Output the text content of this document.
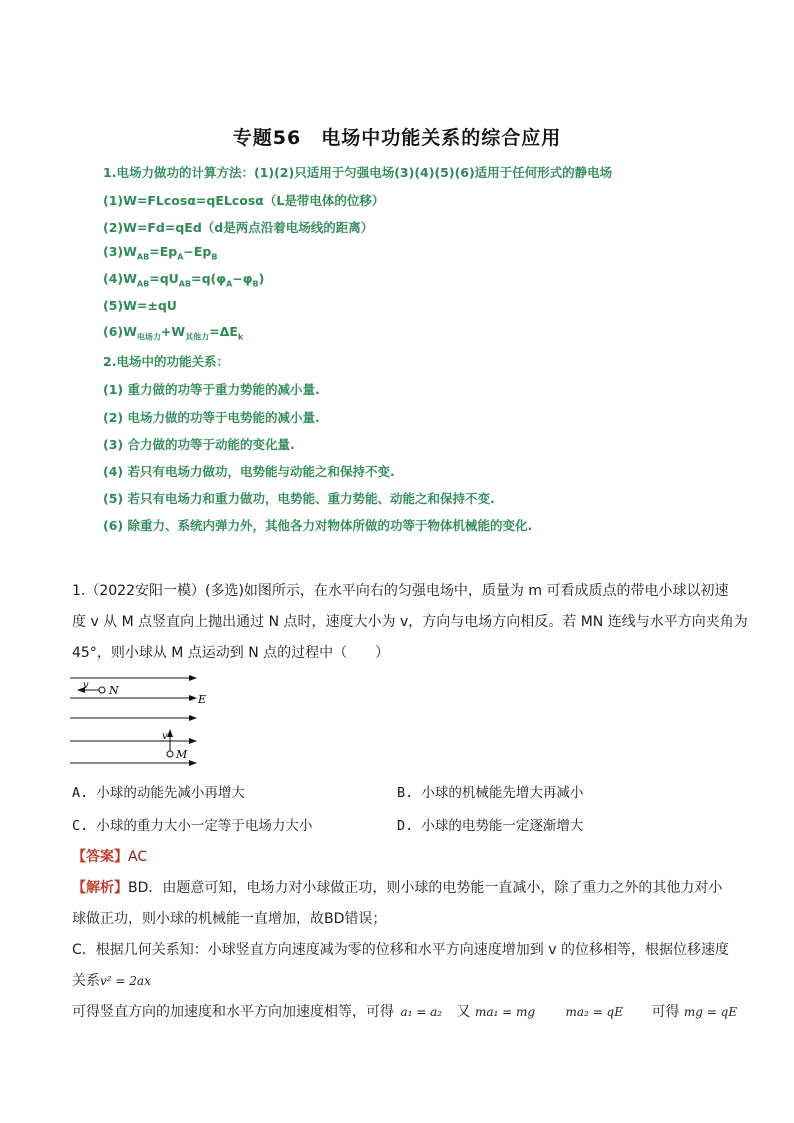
专题56　电场中功能关系的综合应用
1.电场力做功的计算方法：(1)(2)只适用于匀强电场(3)(4)(5)(6)适用于任何形式的静电场
(1)W=FLcosα=qELcosα（L是带电体的位移）
(2)W=Fd=qEd（d是两点沿着电场线的距离）
$(3)W_{AB}=Ep_A-Ep_B$
$(4)W_{AB}=qU_{AB}=q(\varphi_A-\varphi_B)$
(5)W=±qU
$(6)W_{电场力}+W_{其他力}=\Delta E_k$
2.电场中的功能关系：
(1) 重力做的功等于重力势能的减小量.
(2) 电场力做的功等于电势能的减小量.
(3) 合力做的功等于动能的变化量.
(4) 若只有电场力做功，电势能与动能之和保持不变.
(5) 若只有电场力和重力做功，电势能、重力势能、动能之和保持不变.
(6) 除重力、系统内弹力外，其他各力对物体所做的功等于物体机械能的变化.
1.（2022安阳一模）(多选)如图所示，在水平向右的匀强电场中，质量为 m 可看成质点的带电小球以初速
度 v 从 M 点竖直向上抛出通过 N 点时，速度大小为 v，方向与电场方向相反。若 MN 连线与水平方向夹角为
45°，则小球从 M 点运动到 N 点的过程中（　　）
v N
E
v
M
A. 小球的动能先减小再增大	B. 小球的机械能先增大再减小
C. 小球的重力大小一定等于电场力大小	D. 小球的电势能一定逐渐增大
【答案】AC
【解析】BD．由题意可知，电场力对小球做正功，则小球的电势能一直减小，除了重力之外的其他力对小
球做正功，则小球的机械能一直增加，故BD错误；
C．根据几何关系知：小球竖直方向速度减为零的位移和水平方向速度增加到 v 的位移相等，根据位移速度
关系v² = 2ax
可得竖直方向的加速度和水平方向加速度相等，可得 a₁ = a₂ 又 ma₁ = mg	ma₂ = qE 可得 mg = qE
